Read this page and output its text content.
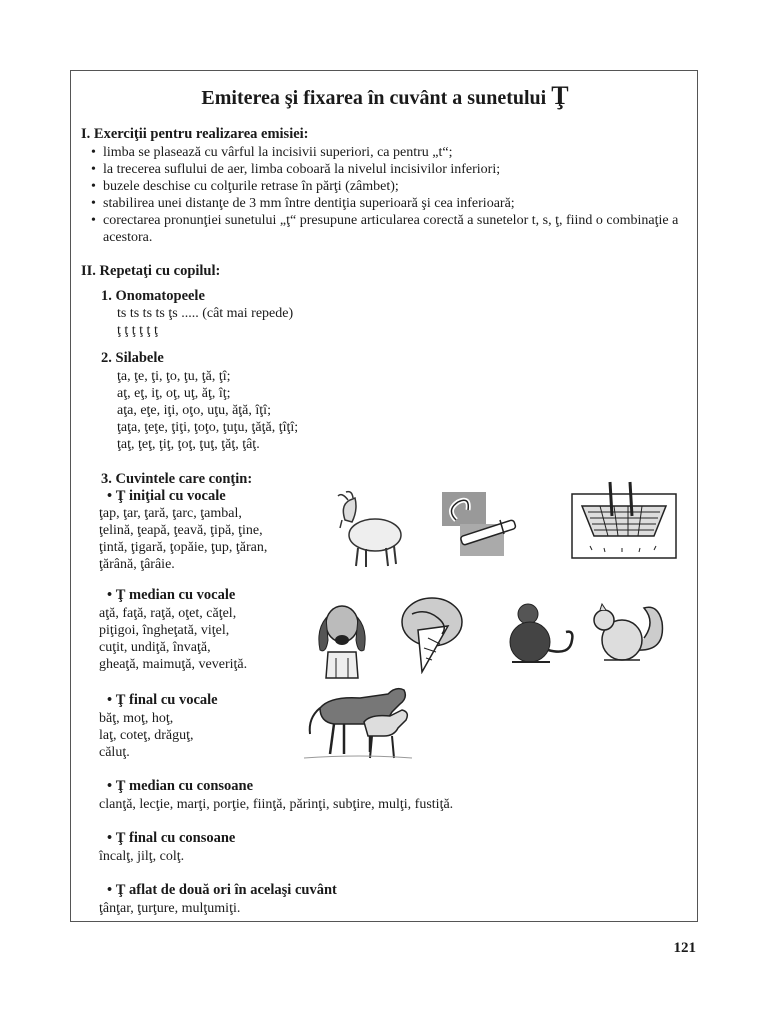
Emiterea şi fixarea în cuvânt a sunetului Ţ
I. Exerciţii pentru realizarea emisiei:
• limba se plasează cu vârful la incisivii superiori, ca pentru „t“;
• la trecerea suflului de aer, limba coboară la nivelul incisivilor inferiori;
• buzele deschise cu colţurile retrase în părţi (zâmbet);
• stabilirea unei distanţe de 3 mm între dentiţia superioară şi cea inferioară;
• corectarea pronunţiei sunetului „ţ“ presupune articularea corectă a sunetelor t, s, ţ, fiind o combinaţie a acestora.
II. Repetaţi cu copilul:
1. Onomatopeele
ts ts ts ts ţs ..... (cât mai repede)
ţ ţ ţ ţ ţ ţ
2. Silabele
ţa, ţe, ţi, ţo, ţu, ţă, ţî;
aţ, eţ, iţ, oţ, uţ, ăţ, îţ;
aţa, eţe, iţi, oţo, uţu, ăţă, îţî;
ţaţa, ţeţe, ţiţi, ţoţo, ţuţu, ţăţă, ţîţî;
ţaţ, ţeţ, ţiţ, ţoţ, ţuţ, ţăţ, ţâţ.
3. Cuvintele care conţin:
• Ţ iniţial cu vocale
ţap, ţar, ţară, ţarc, ţambal,
ţelină, ţeapă, ţeavă, ţipă, ţine,
ţintă, ţigară, ţopăie, ţup, ţăran,
ţărână, ţârâie.
• Ţ median cu vocale
aţă, faţă, raţă, oţet, căţel,
piţigoi, îngheţată, viţel,
cuţit, undiţă, învaţă,
gheaţă, maimuţă, veveriţă.
• Ţ final cu vocale
băţ, moţ, hoţ,
laţ, coteţ, drăguţ,
căluţ.
• Ţ median cu consoane
clanţă, lecţie, marţi, porţie, fiinţă, părinţi, subţire, mulţi, fustiţă.
• Ţ final cu consoane
încalţ, jilţ, colţ.
• Ţ aflat de două ori în acelaşi cuvânt
ţânţar, ţurţure, mulţumiţi.
121
